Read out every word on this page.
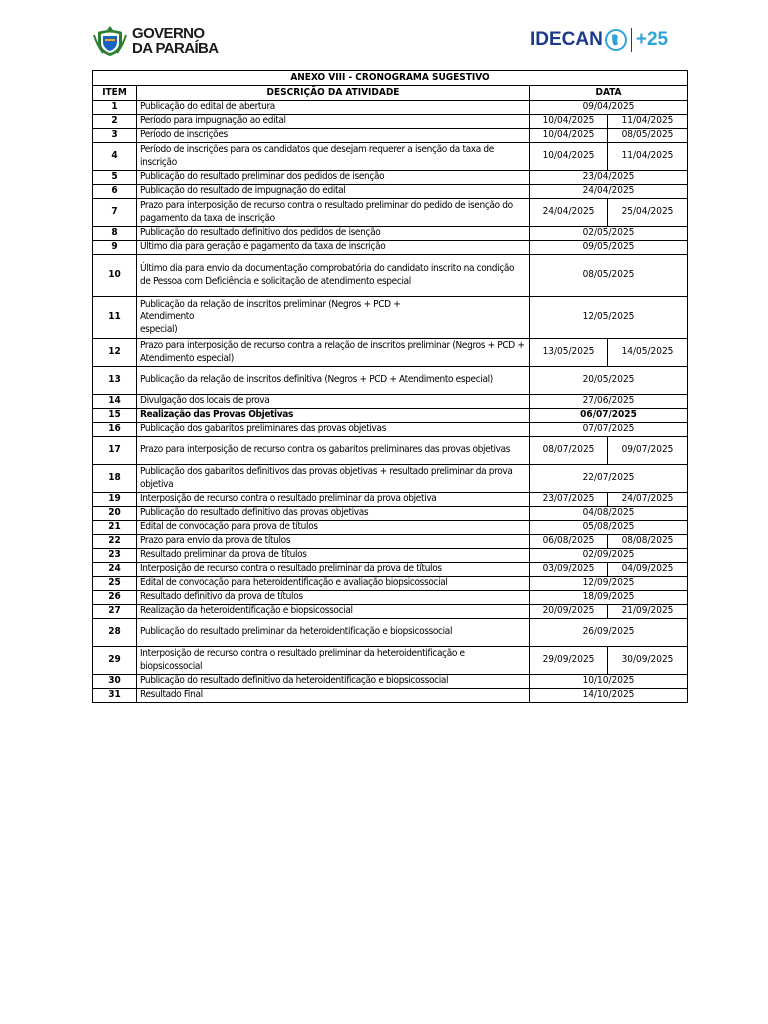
GOVERNO
DA PARAÍBA	IDECAN +25
ANEXO VIII - CRONOGRAMA SUGESTIVO			
ITEM	DESCRIÇÃO DA ATIVIDADE	DATA	
1	Publicação do edital de abertura	09/04/2025	
2	Período para impugnação ao edital	10/04/2025	11/04/2025
3	Período de inscrições	10/04/2025	08/05/2025
4	Período de inscrições para os candidatos que desejam requerer a isenção da taxa de inscrição	10/04/2025	11/04/2025
5	Publicação do resultado preliminar dos pedidos de isenção	23/04/2025	
6	Publicação do resultado de impugnação do edital	24/04/2025	
7	Prazo para interposição de recurso contra o resultado preliminar do pedido de isenção do pagamento da taxa de inscrição	24/04/2025	25/04/2025
8	Publicação do resultado definitivo dos pedidos de isenção	02/05/2025	
9	Último dia para geração e pagamento da taxa de inscrição	09/05/2025	
10	Último dia para envio da documentação comprobatória do candidato inscrito na condição de Pessoa com Deficiência e solicitação de atendimento especial	08/05/2025	
11	Publicação da relação de inscritos preliminar (Negros + PCD +
Atendimento
especial)	12/05/2025	
12	Prazo para interposição de recurso contra a relação de inscritos preliminar (Negros + PCD + Atendimento especial)	13/05/2025	14/05/2025
13	Publicação da relação de inscritos definitiva (Negros + PCD + Atendimento especial)	20/05/2025	
14	Divulgação dos locais de prova	27/06/2025	
15	Realização das Provas Objetivas	06/07/2025	
16	Publicação dos gabaritos preliminares das provas objetivas	07/07/2025	
17	Prazo para interposição de recurso contra os gabaritos preliminares das provas objetivas	08/07/2025	09/07/2025
18	Publicação dos gabaritos definitivos das provas objetivas + resultado preliminar da prova objetiva	22/07/2025	
19	Interposição de recurso contra o resultado preliminar da prova objetiva	23/07/2025	24/07/2025
20	Publicação do resultado definitivo das provas objetivas	04/08/2025	
21	Edital de convocação para prova de títulos	05/08/2025	
22	Prazo para envio da prova de títulos	06/08/2025	08/08/2025
23	Resultado preliminar da prova de títulos	02/09/2025	
24	Interposição de recurso contra o resultado preliminar da prova de títulos	03/09/2025	04/09/2025
25	Edital de convocação para heteroidentificação e avaliação biopsicossocial	12/09/2025	
26	Resultado definitivo da prova de títulos	18/09/2025	
27	Realização da heteroidentificação e biopsicossocial	20/09/2025	21/09/2025
28	Publicação do resultado preliminar da heteroidentificação e biopsicossocial	26/09/2025	
29	Interposição de recurso contra o resultado preliminar da heteroidentificação e biopsicossocial	29/09/2025	30/09/2025
30	Publicação do resultado definitivo da heteroidentificação e biopsicossocial	10/10/2025	
31	Resultado Final	14/10/2025	
